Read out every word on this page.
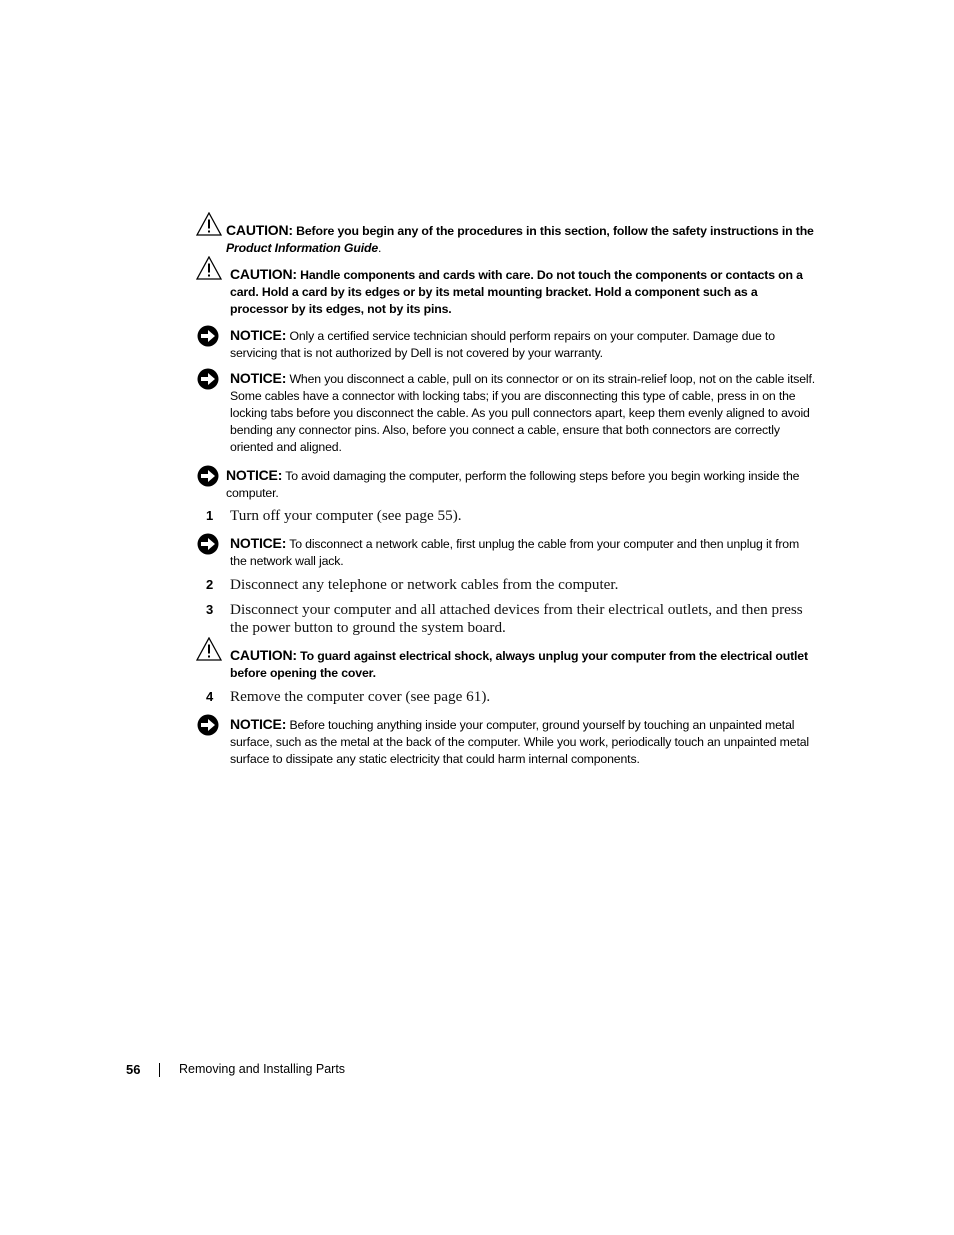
CAUTION: Before you begin any of the procedures in this section, follow the safety instructions in the
Product Information Guide.
CAUTION: Handle components and cards with care. Do not touch the components or contacts on a card. Hold a card by its edges or by its metal mounting bracket. Hold a component such as a processor by its edges, not by its pins.
NOTICE: Only a certified service technician should perform repairs on your computer. Damage due to servicing that is not authorized by Dell is not covered by your warranty.
NOTICE: When you disconnect a cable, pull on its connector or on its strain-relief loop, not on the cable itself. Some cables have a connector with locking tabs; if you are disconnecting this type of cable, press in on the locking tabs before you disconnect the cable. As you pull connectors apart, keep them evenly aligned to avoid bending any connector pins. Also, before you connect a cable, ensure that both connectors are correctly oriented and aligned.
NOTICE: To avoid damaging the computer, perform the following steps before you begin working inside the computer.
1 Turn off your computer (see page 55).
NOTICE: To disconnect a network cable, first unplug the cable from your computer and then unplug it from the network wall jack.
2 Disconnect any telephone or network cables from the computer.
3 Disconnect your computer and all attached devices from their electrical outlets, and then press the power button to ground the system board.
CAUTION: To guard against electrical shock, always unplug your computer from the electrical outlet before opening the cover.
4 Remove the computer cover (see page 61).
NOTICE: Before touching anything inside your computer, ground yourself by touching an unpainted metal surface, such as the metal at the back of the computer. While you work, periodically touch an unpainted metal surface to dissipate any static electricity that could harm internal components.
56	Removing and Installing Parts
